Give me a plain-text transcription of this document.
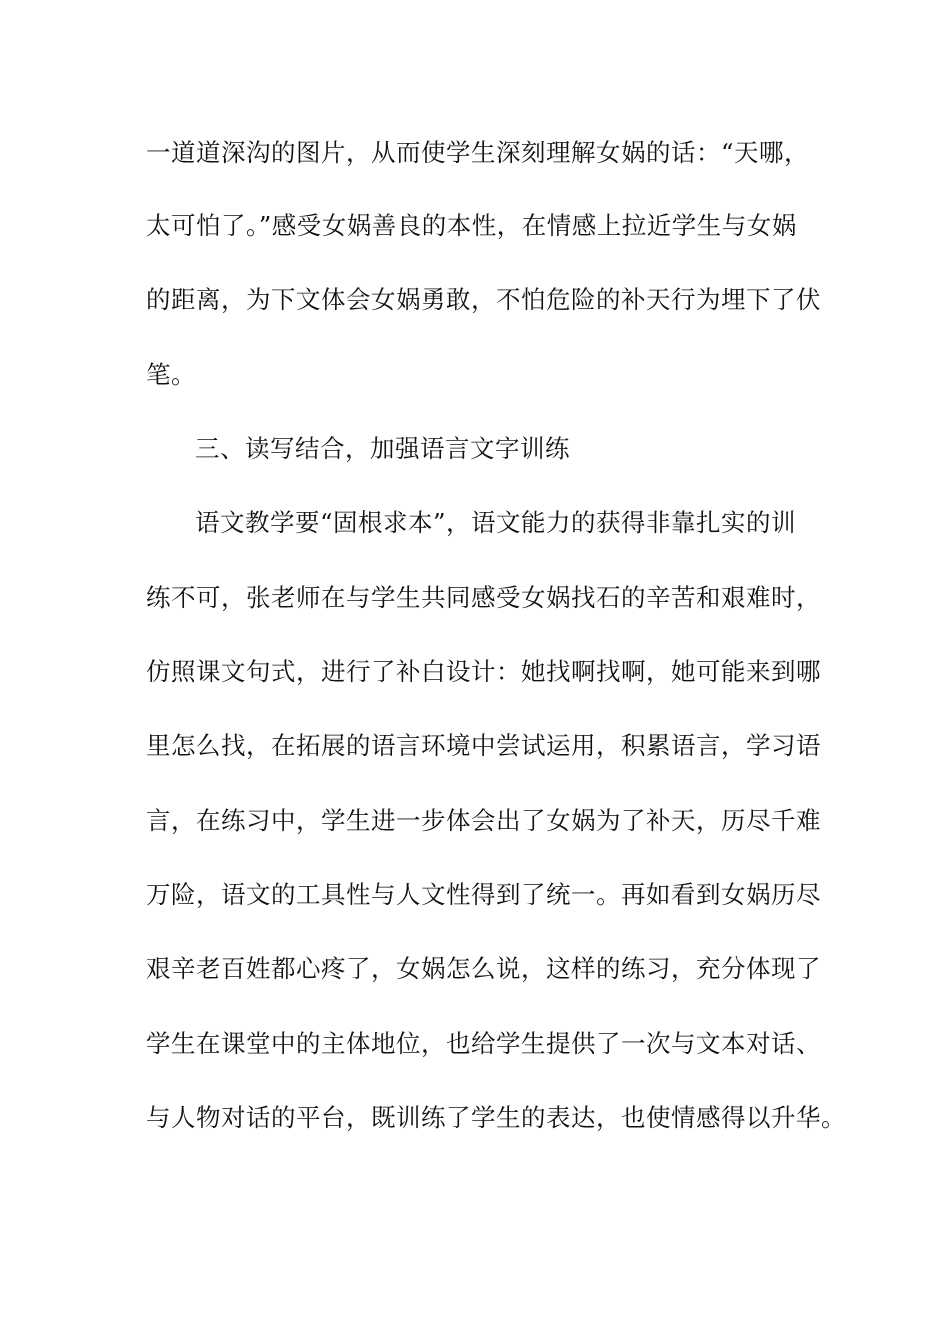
一道道深沟的图片，从而使学生深刻理解女娲的话：“天哪，
太可怕了。”感受女娲善良的本性，在情感上拉近学生与女娲
的距离，为下文体会女娲勇敢，不怕危险的补天行为埋下了伏
笔。
三、读写结合，加强语言文字训练
语文教学要“固根求本”，语文能力的获得非靠扎实的训
练不可，张老师在与学生共同感受女娲找石的辛苦和艰难时，
仿照课文句式，进行了补白设计：她找啊找啊，她可能来到哪
里怎么找，在拓展的语言环境中尝试运用，积累语言，学习语
言，在练习中，学生进一步体会出了女娲为了补天，历尽千难
万险，语文的工具性与人文性得到了统一。再如看到女娲历尽
艰辛老百姓都心疼了，女娲怎么说，这样的练习，充分体现了
学生在课堂中的主体地位，也给学生提供了一次与文本对话、
与人物对话的平台，既训练了学生的表达，也使情感得以升华。
